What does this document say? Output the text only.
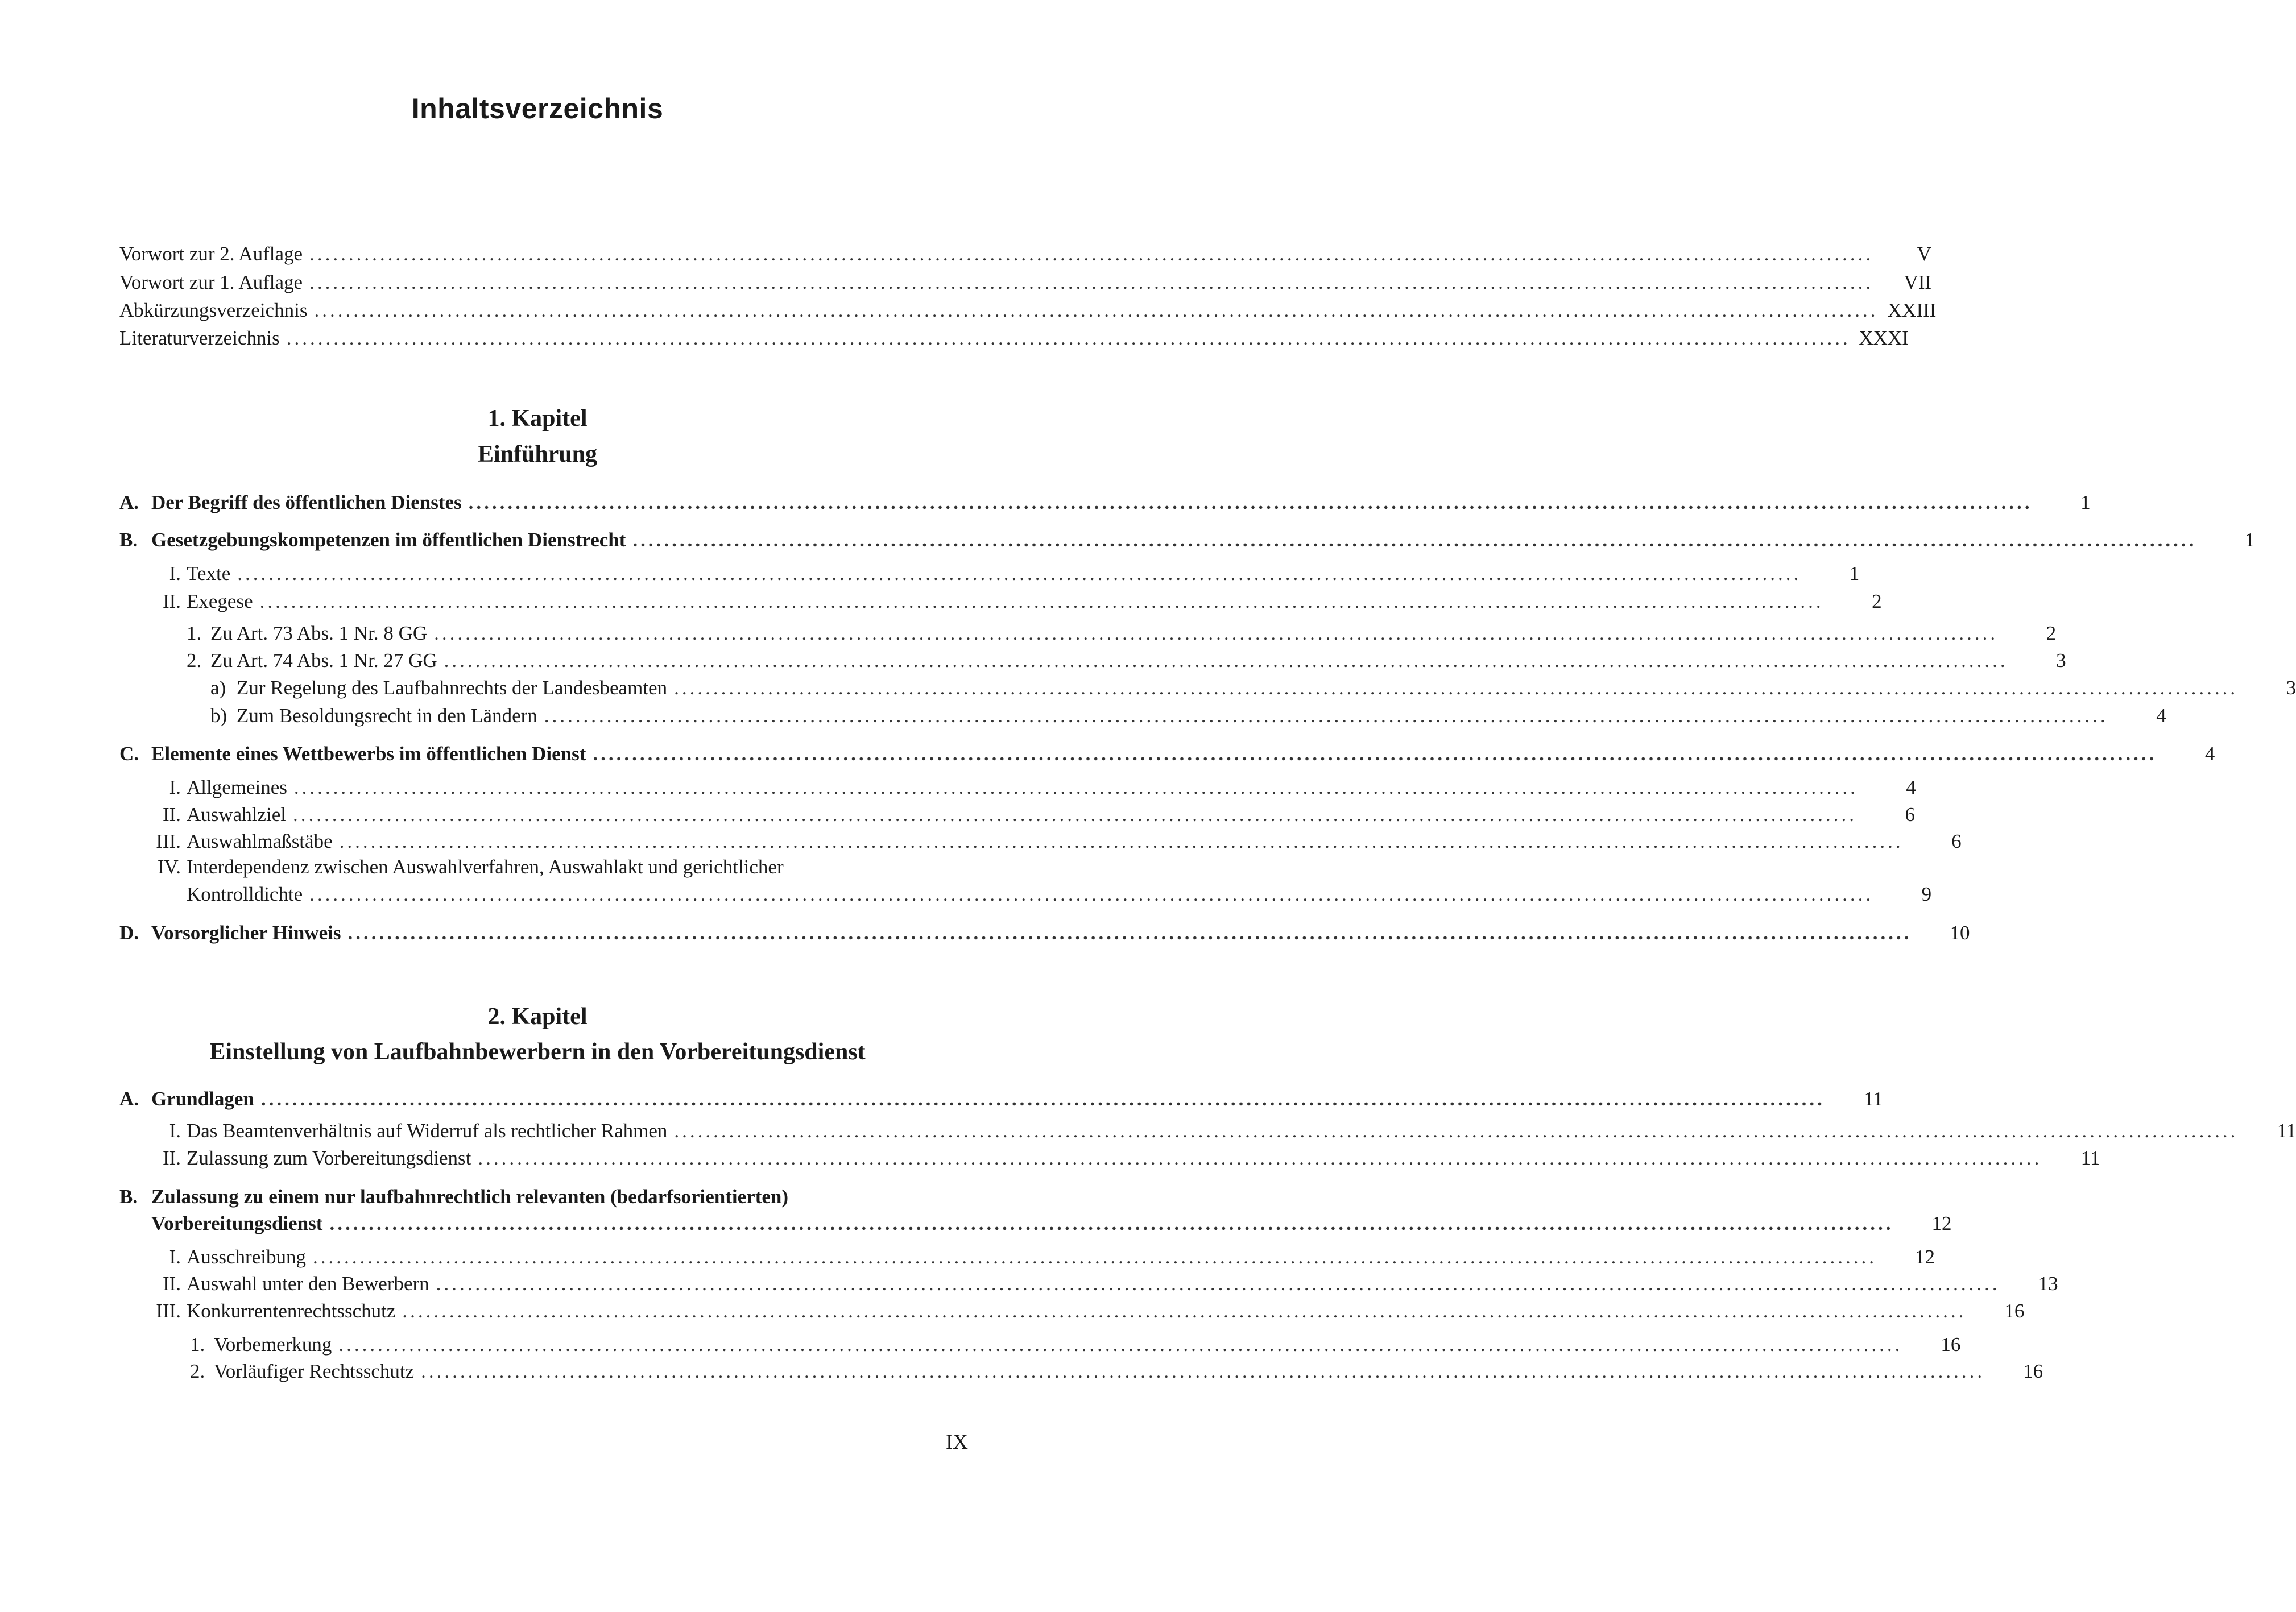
Inhaltsverzeichnis
Vorwort zur 2. Auflage ........................................................................................................................................................................................................	V
Vorwort zur 1. Auflage ........................................................................................................................................................................................................	VII
Abkürzungsverzeichnis ........................................................................................................................................................................................................ XXIII
Literaturverzeichnis ........................................................................................................................................................................................................ XXXI
1. Kapitel
Einführung
A. Der Begriff des öffentlichen Dienstes ........................................................................................................................................................................................................	1
B. Gesetzgebungskompetenzen im öffentlichen Dienstrecht ........................................................................................................................................................................................................	1
I. Texte ........................................................................................................................................................................................................	1
II. Exegese ........................................................................................................................................................................................................	2
1. Zu Art. 73 Abs. 1 Nr. 8 GG ........................................................................................................................................................................................................	2
2. Zu Art. 74 Abs. 1 Nr. 27 GG ........................................................................................................................................................................................................	3
a) Zur Regelung des Laufbahnrechts der Landesbeamten ........................................................................................................................................................................................................	3
b) Zum Besoldungsrecht in den Ländern ........................................................................................................................................................................................................	4
C. Elemente eines Wettbewerbs im öffentlichen Dienst ........................................................................................................................................................................................................	4
I. Allgemeines ........................................................................................................................................................................................................	4
II. Auswahlziel ........................................................................................................................................................................................................	6
III. Auswahlmaßstäbe ........................................................................................................................................................................................................	6
IV. Interdependenz zwischen Auswahlverfahren, Auswahlakt und gerichtlicher
Kontrolldichte ........................................................................................................................................................................................................	9
D. Vorsorglicher Hinweis ........................................................................................................................................................................................................	10
2. Kapitel
Einstellung von Laufbahnbewerbern in den Vorbereitungsdienst
A. Grundlagen ........................................................................................................................................................................................................	11
I. Das Beamtenverhältnis auf Widerruf als rechtlicher Rahmen ........................................................................................................................................................................................................	11
II. Zulassung zum Vorbereitungsdienst ........................................................................................................................................................................................................	11
B. Zulassung zu einem nur laufbahnrechtlich relevanten (bedarfsorientierten)
Vorbereitungsdienst ........................................................................................................................................................................................................	12
I. Ausschreibung ........................................................................................................................................................................................................	12
II. Auswahl unter den Bewerbern ........................................................................................................................................................................................................	13
III. Konkurrentenrechtsschutz ........................................................................................................................................................................................................	16
1. Vorbemerkung ........................................................................................................................................................................................................	16
2. Vorläufiger Rechtsschutz ........................................................................................................................................................................................................	16
IX
